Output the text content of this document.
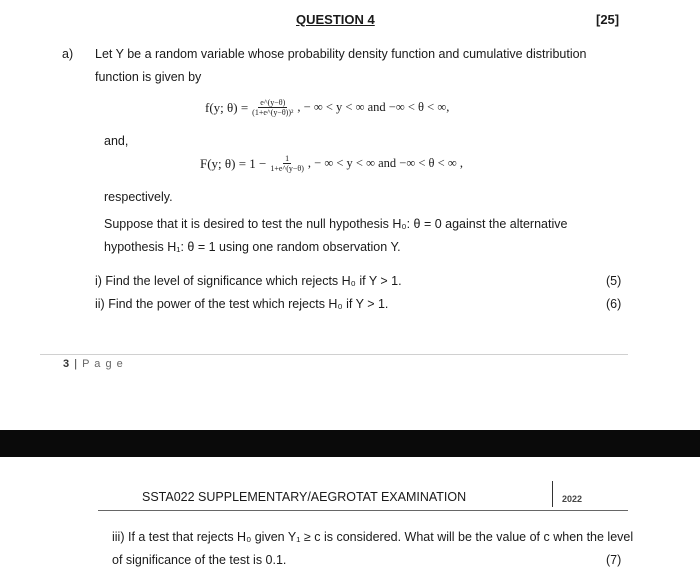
QUESTION 4	[25]
a) Let Y be a random variable whose probability density function and cumulative distribution
function is given by
f(y; $\theta) = \frac{e\^{}(y-\theta)}{\text{(1+e\textasciicircum{}(y−θ))²}}$ , − ∞ < y < ∞ and −∞ < θ < ∞,
and,
F(y; $\theta) = 1 - \frac{1}{1+e\^{}(y-\theta)}$ , − ∞ < y < ∞ and −∞ < θ < ∞ ,
respectively.
Suppose that it is desired to test the null hypothesis H₀: θ = 0 against the alternative
hypothesis H₁: θ = 1 using one random observation Y.
i) Find the level of significance which rejects H₀ if Y > 1.	(5)
ii) Find the power of the test which rejects H₀ if Y > 1.	(6)
3 | P a g e
SSTA022 SUPPLEMENTARY/AEGROTAT EXAMINATION	2022
iii) If a test that rejects H₀ given Y₁ ≥ c is considered. What will be the value of c when the level
of significance of the test is 0.1.	(7)
